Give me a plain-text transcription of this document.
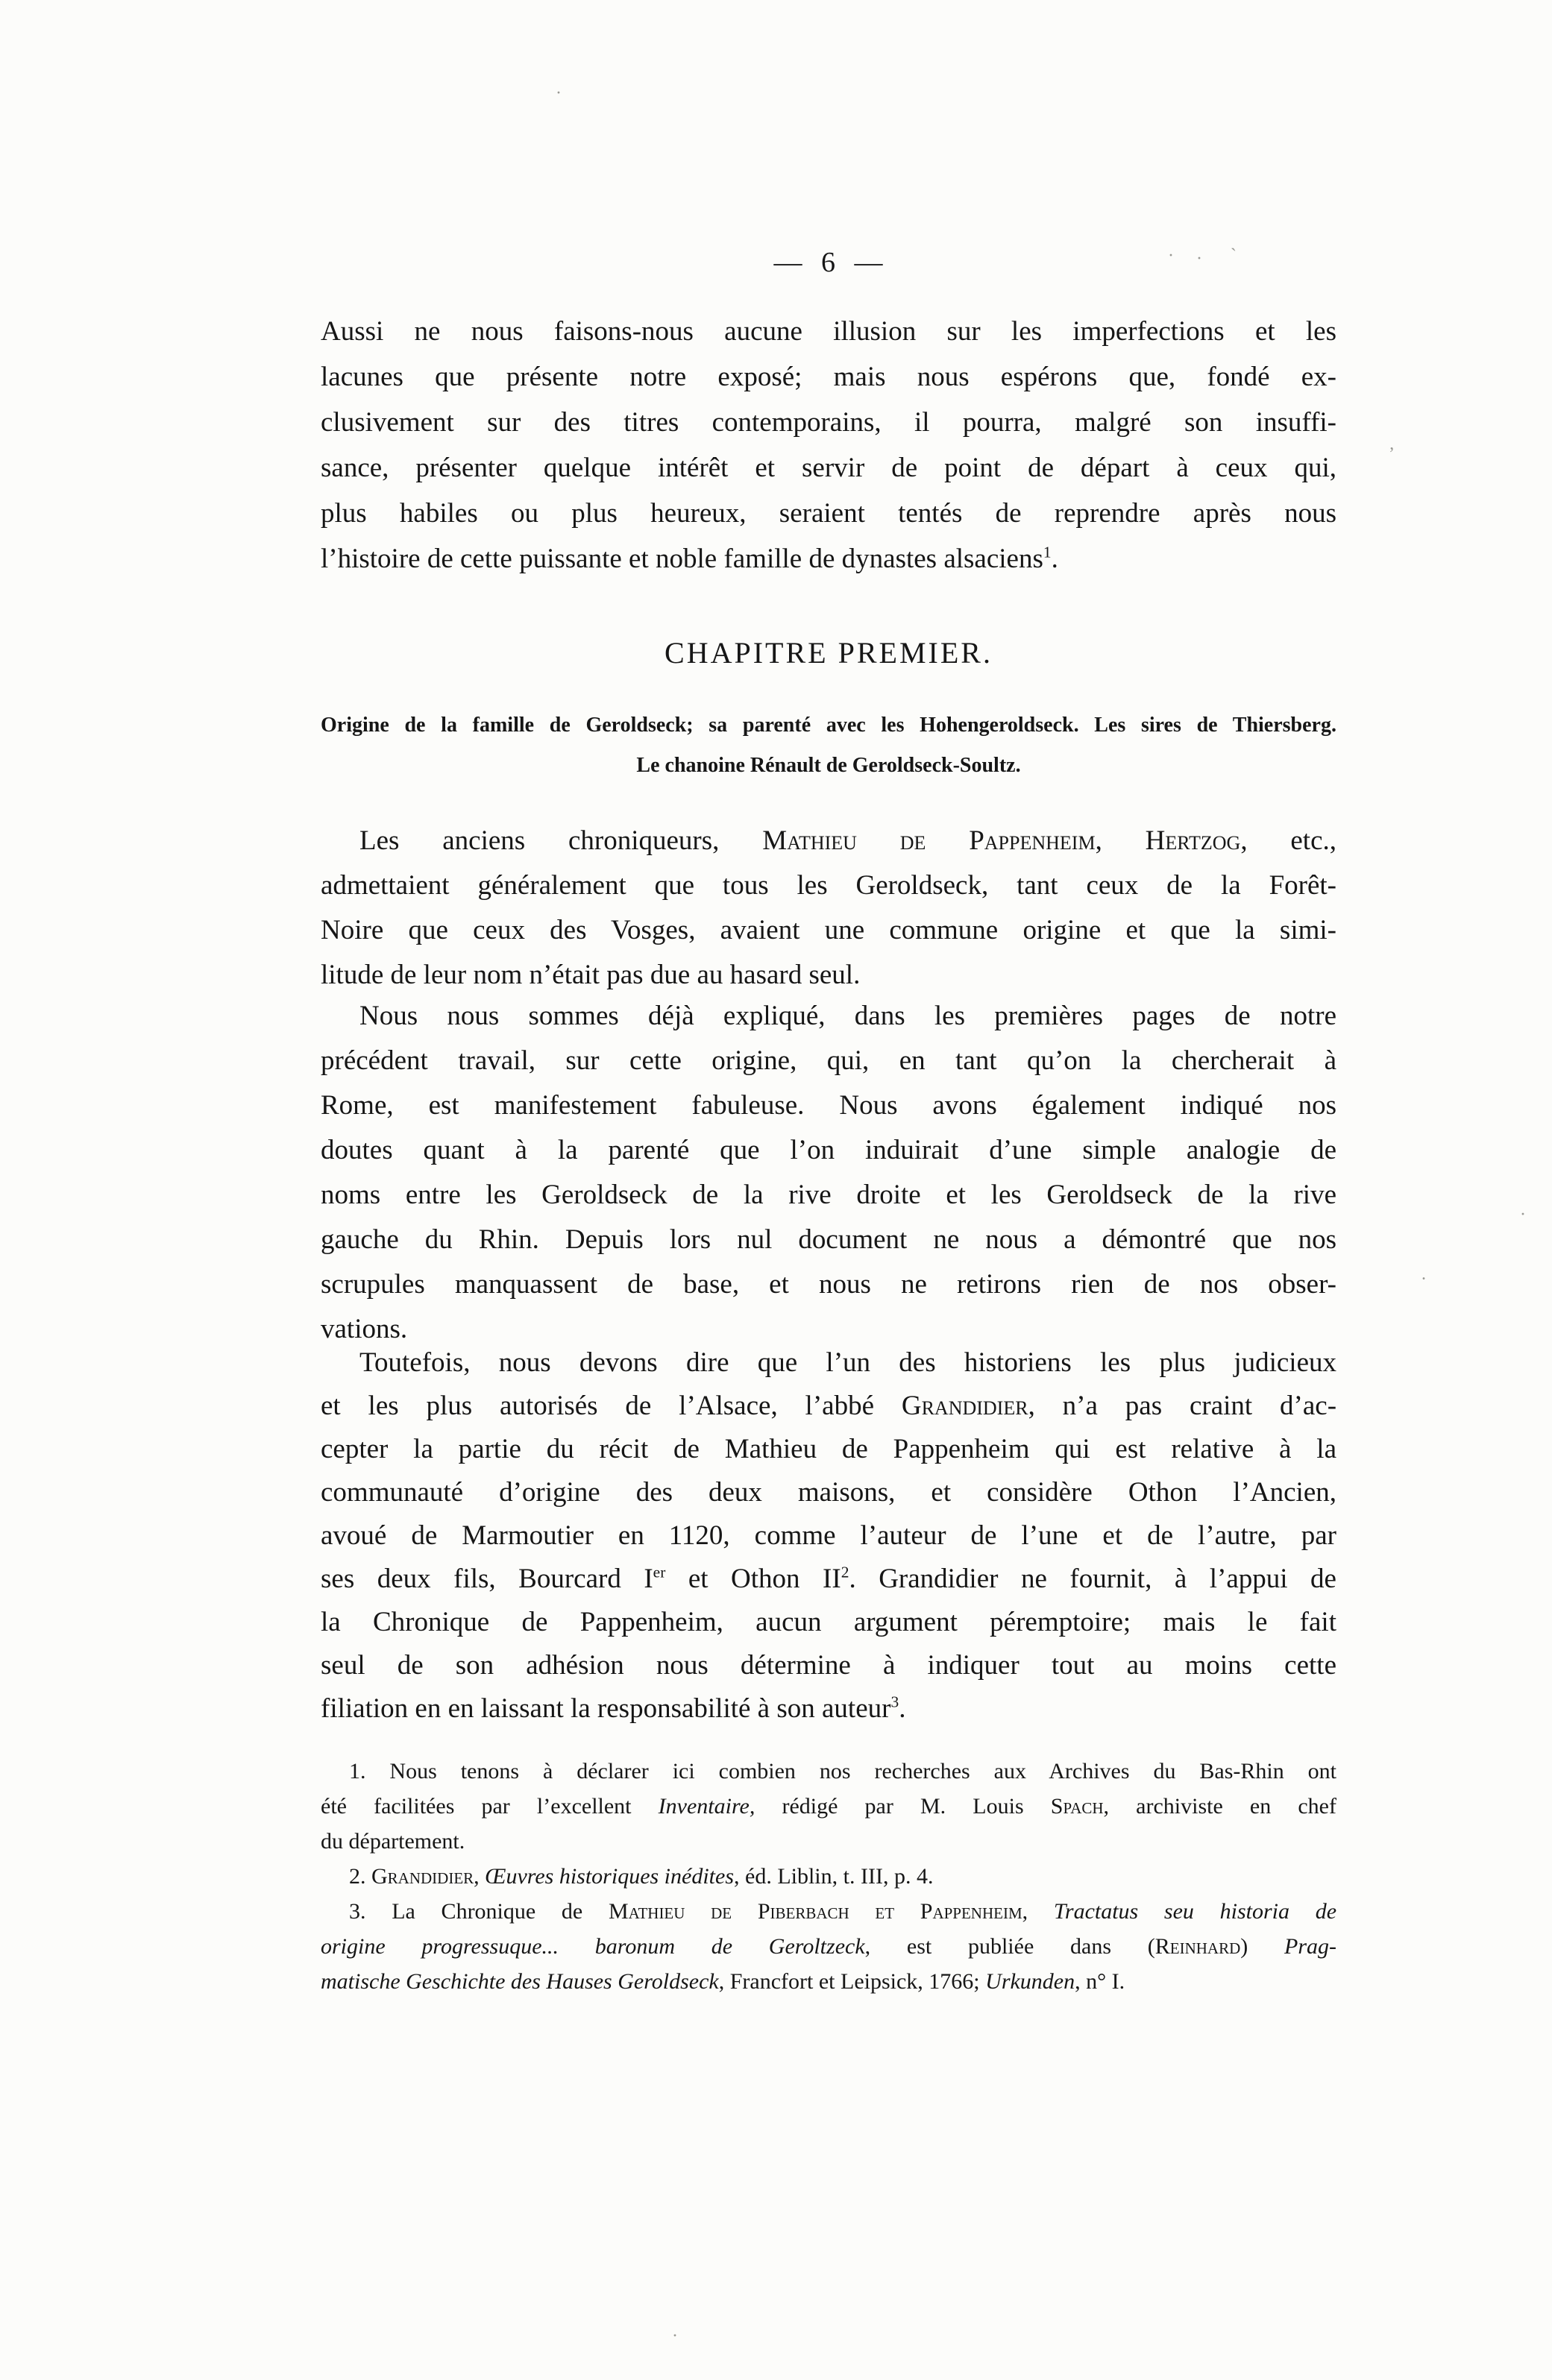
— 6 —
Aussi ne nous faisons-nous aucune illusion sur les imperfections et les
lacunes que présente notre exposé; mais nous espérons que, fondé ex-
clusivement sur des titres contemporains, il pourra, malgré son insuffi-
sance, présenter quelque intérêt et servir de point de départ à ceux qui,
plus habiles ou plus heureux, seraient tentés de reprendre après nous
l’histoire de cette puissante et noble famille de dynastes alsaciens$^1$.
CHAPITRE PREMIER.
Origine de la famille de Geroldseck; sa parenté avec les Hohengeroldseck. Les sires de Thiersberg.
Le chanoine Rénault de Geroldseck-Soultz.
Les anciens chroniqueurs, Mathieu de Pappenheim, Hertzog, etc.,
admettaient généralement que tous les Geroldseck, tant ceux de la Forêt-
Noire que ceux des Vosges, avaient une commune origine et que la simi-
litude de leur nom n’était pas due au hasard seul.
Nous nous sommes déjà expliqué, dans les premières pages de notre
précédent travail, sur cette origine, qui, en tant qu’on la chercherait à
Rome, est manifestement fabuleuse. Nous avons également indiqué nos
doutes quant à la parenté que l’on induirait d’une simple analogie de
noms entre les Geroldseck de la rive droite et les Geroldseck de la rive
gauche du Rhin. Depuis lors nul document ne nous a démontré que nos
scrupules manquassent de base, et nous ne retirons rien de nos obser-
vations.
Toutefois, nous devons dire que l’un des historiens les plus judicieux
et les plus autorisés de l’Alsace, l’abbé Grandidier, n’a pas craint d’ac-
cepter la partie du récit de Mathieu de Pappenheim qui est relative à la
communauté d’origine des deux maisons, et considère Othon l’Ancien,
avoué de Marmoutier en 1120, comme l’auteur de l’une et de l’autre, par
ses deux fils, Bourcard Ier et Othon $II^2$. Grandidier ne fournit, à l’appui de
la Chronique de Pappenheim, aucun argument péremptoire; mais le fait
seul de son adhésion nous détermine à indiquer tout au moins cette
filiation en en laissant la responsabilité à son auteur$^3$.
1. Nous tenons à déclarer ici combien nos recherches aux Archives du Bas-Rhin ont
été facilitées par l’excellent Inventaire, rédigé par M. Louis Spach, archiviste en chef
du département.
2. Grandidier, Œuvres historiques inédites, éd. Liblin, t. III, p. 4.
3. La Chronique de Mathieu de Piberbach et Pappenheim, Tractatus seu historia de
origine progressuque... baronum de Geroltzeck, est publiée dans (Reinhard) Prag-
matische Geschichte des Hauses Geroldseck, Francfort et Leipsick, 1766; Urkunden, n° I.
· · `
’
·
.
·
·
